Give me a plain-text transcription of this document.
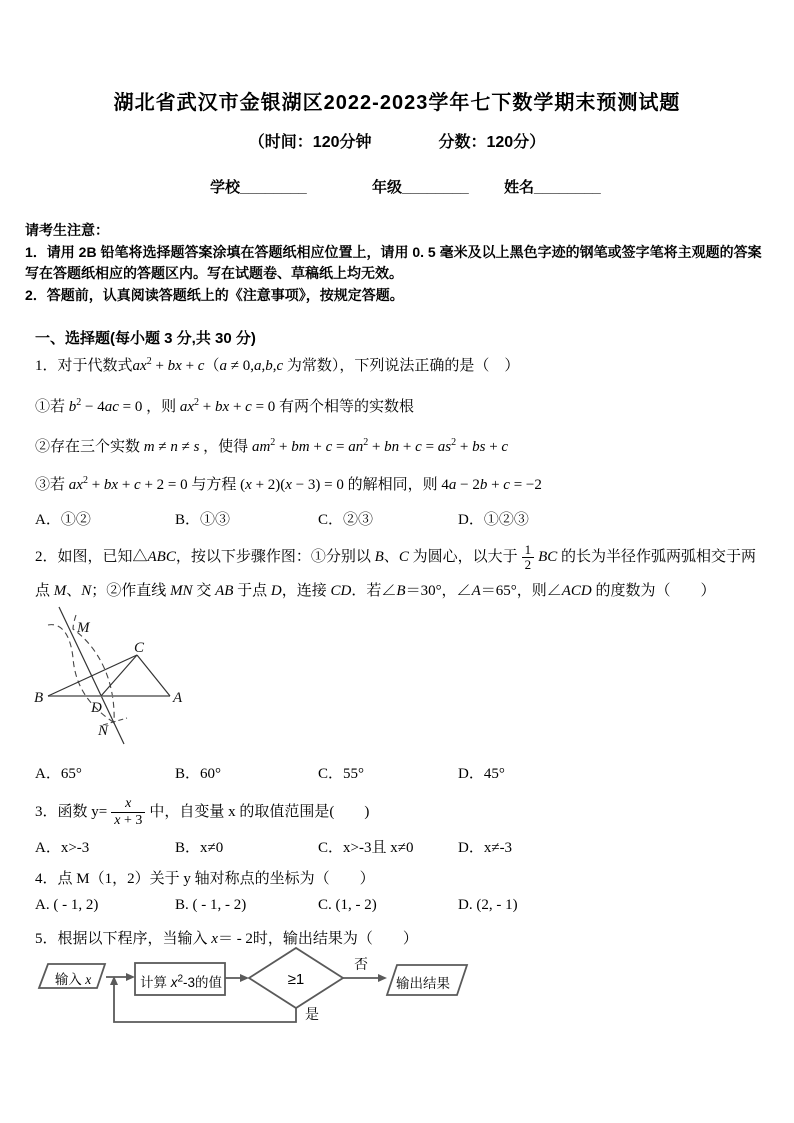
湖北省武汉市金银湖区2022-2023学年七下数学期末预测试题
（时间：120分钟	分数：120分）
学校________	年级________ 姓名________
请考生注意：
1．请用 2B 铅笔将选择题答案涂填在答题纸相应位置上，请用 0. 5 毫米及以上黑色字迹的钢笔或签字笔将主观题的答案写在答题纸相应的答题区内。写在试题卷、草稿纸上均无效。
2．答题前，认真阅读答题纸上的《注意事项》，按规定答题。
一、选择题(每小题 3 分,共 30 分)
1．对于代数式$ax^2$ + bx + c（a ≠ 0,a,b,c 为常数），下列说法正确的是（　）
①若 $b^2 - 4ac = 0$ ，则 $ax^2$ + bx + c = 0 有两个相等的实数根
②存在三个实数 m ≠ n ≠ s ，使得 $am^2$ + bm + $c = an^2$ + bn + $c = as^2$ + bs + c
③若 $ax^2$ + bx + c + 2 = 0 与方程 (x + 2)(x − 3) = 0 的解相同，则 4a − 2b + c = −2
A．①②	B．①③	C．②③	D．①②③
2．如图，已知△ABC，按以下步骤作图：①分别以 B、C 为圆心，以大于 $\frac{1}{2}$ BC 的长为半径作弧两弧相交于两点 M、N；②作直线 MN 交 AB 于点 D，连接 CD．若∠B＝30°，∠A＝65°，则∠ACD 的度数为（　　）
M
C
B	A
D
N
A．65°	B．60°	C．55°	D．45°
3．函数 y=
x
x + 3 中，自变量 x 的取值范围是(　　)
A．x>-3	B．x≠0	C．x>-3且 x≠0	D．x≠-3
4．点 M（1，2）关于 y 轴对称点的坐标为（　　）
A. ( - 1, 2)	B. ( - 1, - 2)	C. (1, - 2)	D. (2, - 1)
5．根据以下程序，当输入 x＝ - 2时，输出结果为（　　）
输入 x	计算 $x^2-3$的值	≥1
否
是
输出结果
